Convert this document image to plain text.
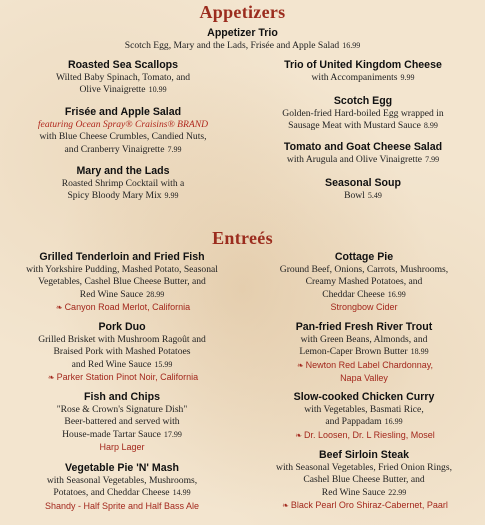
Appetizers
Appetizer Trio
Scotch Egg, Mary and the Lads, Frisée and Apple Salad 16.99
Roasted Sea Scallops
Wilted Baby Spinach, Tomato, and
Olive Vinaigrette 10.99
Frisée and Apple Salad
featuring Ocean Spray® Craisins® BRAND
with Blue Cheese Crumbles, Candied Nuts,
and Cranberry Vinaigrette 7.99
Mary and the Lads
Roasted Shrimp Cocktail with a
Spicy Bloody Mary Mix 9.99
Trio of United Kingdom Cheese
with Accompaniments 9.99
Scotch Egg
Golden-fried Hard-boiled Egg wrapped in
Sausage Meat with Mustard Sauce 8.99
Tomato and Goat Cheese Salad
with Arugula and Olive Vinaigrette 7.99
Seasonal Soup
Bowl 5.49
Entreés
Grilled Tenderloin and Fried Fish
with Yorkshire Pudding, Mashed Potato, Seasonal
Vegetables, Cashel Blue Cheese Butter, and
Red Wine Sauce 28.99
❧ Canyon Road Merlot, California
Pork Duo
Grilled Brisket with Mushroom Ragoût and
Braised Pork with Mashed Potatoes
and Red Wine Sauce 15.99
❧ Parker Station Pinot Noir, California
Fish and Chips
"Rose & Crown's Signature Dish"
Beer-battered and served with
House-made Tartar Sauce 17.99
Harp Lager
Vegetable Pie 'N' Mash
with Seasonal Vegetables, Mushrooms,
Potatoes, and Cheddar Cheese 14.99
Shandy - Half Sprite and Half Bass Ale
Cottage Pie
Ground Beef, Onions, Carrots, Mushrooms,
Creamy Mashed Potatoes, and
Cheddar Cheese 16.99
Strongbow Cider
Pan-fried Fresh River Trout
with Green Beans, Almonds, and
Lemon-Caper Brown Butter 18.99
❧ Newton Red Label Chardonnay,
Napa Valley
Slow-cooked Chicken Curry
with Vegetables, Basmati Rice,
and Pappadam 16.99
❧ Dr. Loosen, Dr. L Riesling, Mosel
Beef Sirloin Steak
with Seasonal Vegetables, Fried Onion Rings,
Cashel Blue Cheese Butter, and
Red Wine Sauce 22.99
❧ Black Pearl Oro Shiraz-Cabernet, Paarl
